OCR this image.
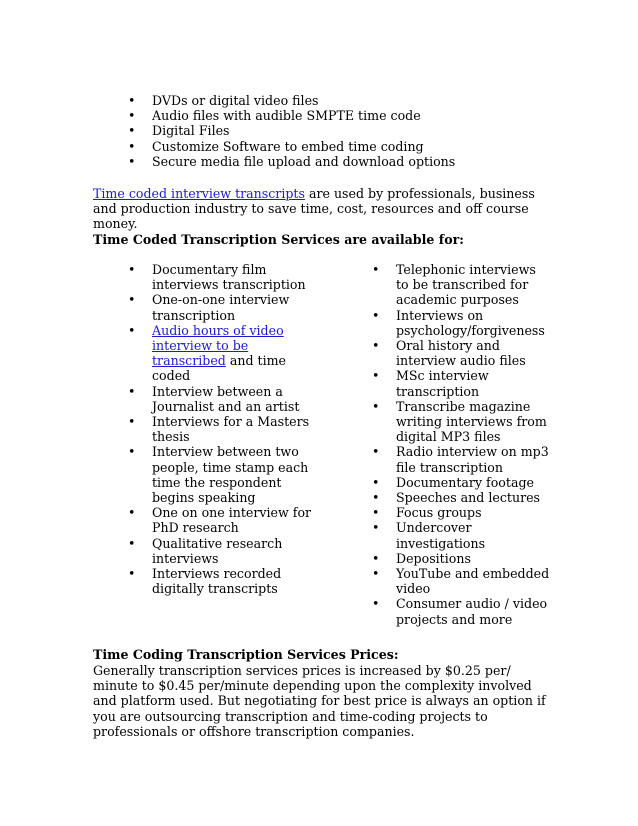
• DVDs or digital video files
• Audio files with audible SMPTE time code
• Digital Files
• Customize Software to embed time coding
• Secure media file upload and download options

Time coded interview transcripts are used by professionals, business and production industry to save time, cost, resources and off course money.

Time Coded Transcription Services are available for:
• Documentary film interviews transcription
• One-on-one interview transcription
• Audio hours of video interview to be transcribed and time coded
• Interview between a Journalist and an artist
• Interviews for a Masters thesis
• Interview between two people, time stamp each time the respondent begins speaking
• One on one interview for PhD research
• Qualitative research interviews
• Interviews recorded digitally transcripts
• Telephonic interviews to be transcribed for academic purposes
• Interviews on psychology/forgiveness
• Oral history and interview audio files
• MSc interview transcription
• Transcribe magazine writing interviews from digital MP3 files
• Radio interview on mp3 file transcription
• Documentary footage
• Speeches and lectures
• Focus groups
• Undercover investigations
• Depositions
• YouTube and embedded video
• Consumer audio / video projects and more
Time Coding Transcription Services Prices:

Generally transcription services prices is increased by $0.25 per/ minute to $0.45 per/minute depending upon the complexity involved and platform used. But negotiating for best price is always an option if you are outsourcing transcription and time-coding projects to professionals or offshore transcription companies.
